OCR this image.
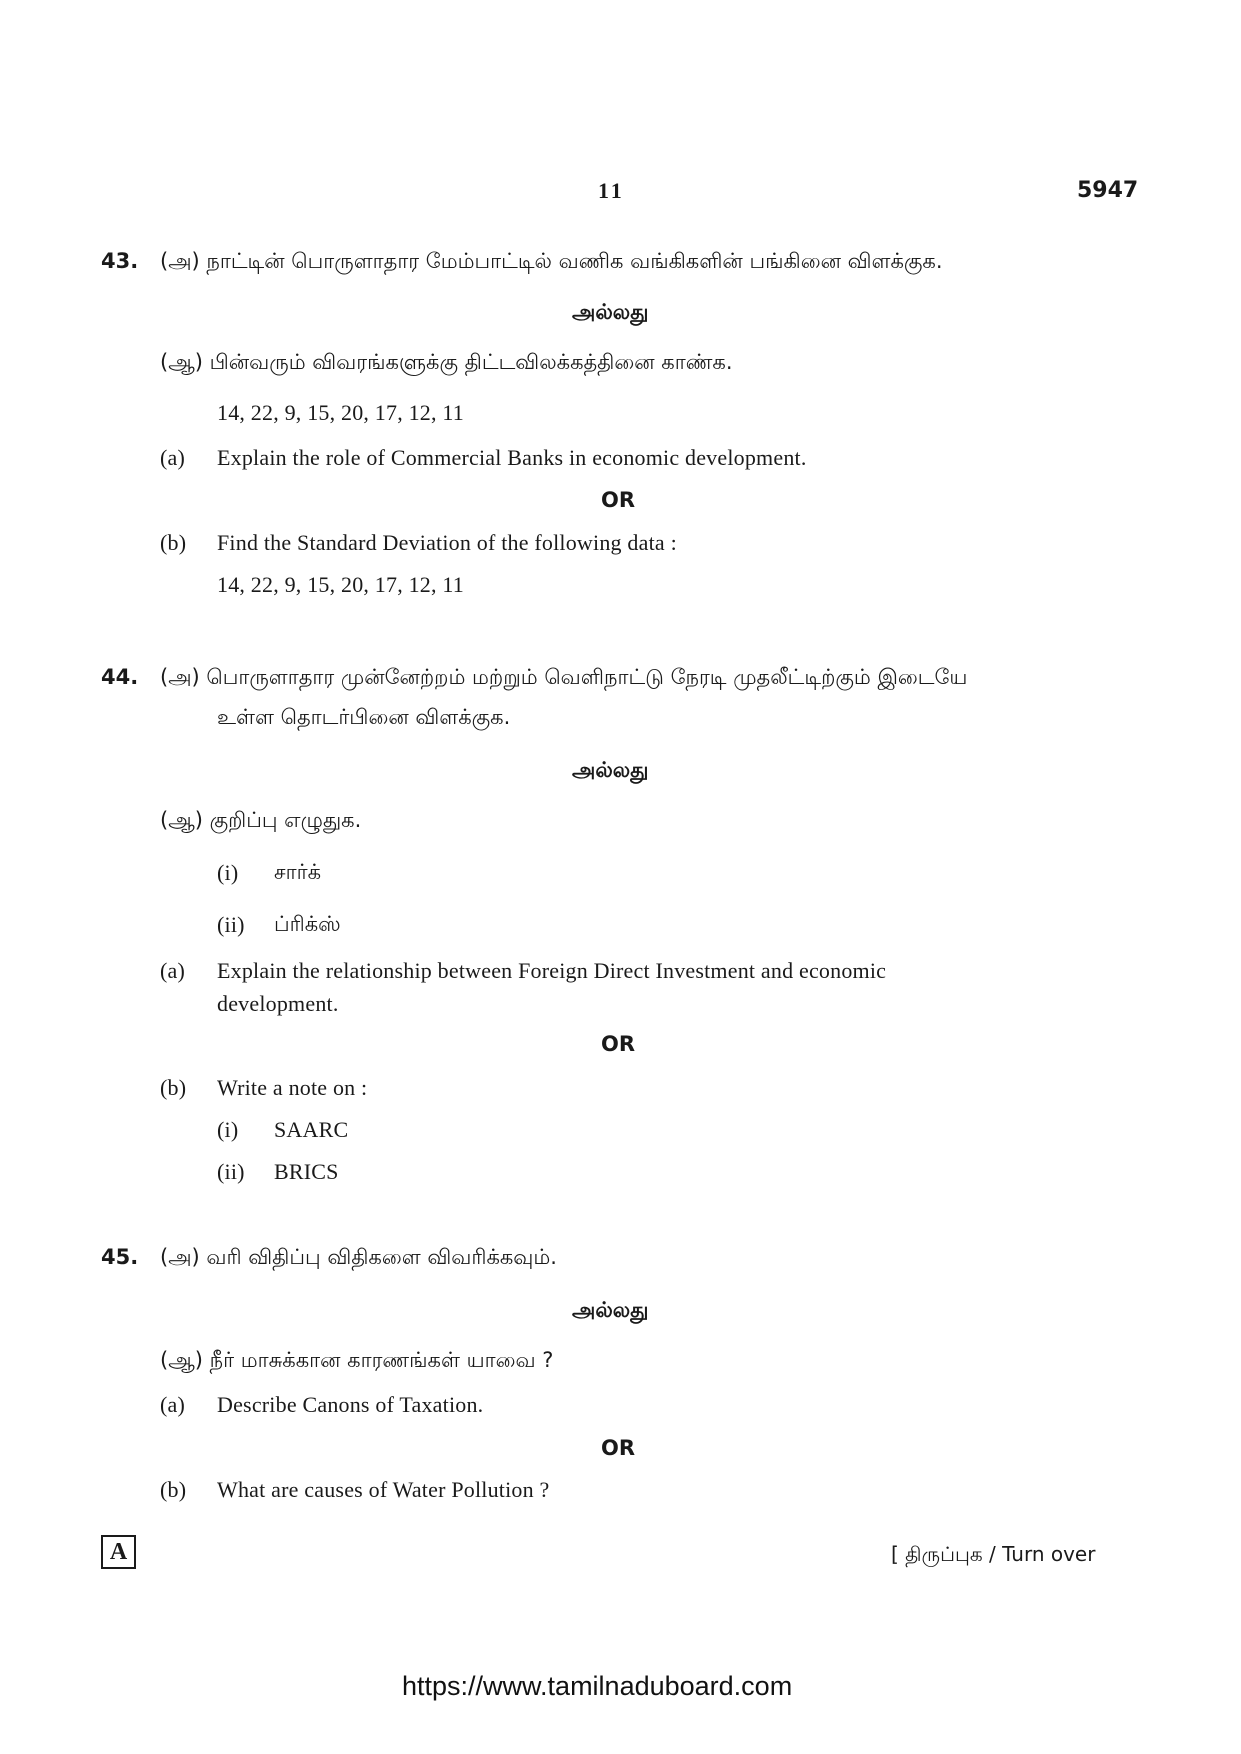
11	5947
43. (அ) நாட்டின் பொருளாதார மேம்பாட்டில் வணிக வங்கிகளின் பங்கினை விளக்குக.
அல்லது
(ஆ) பின்வரும் விவரங்களுக்கு திட்டவிலக்கத்தினை காண்க.
14, 22, 9, 15, 20, 17, 12, 11
(a) Explain the role of Commercial Banks in economic development.
OR
(b) Find the Standard Deviation of the following data :
14, 22, 9, 15, 20, 17, 12, 11
44. (அ) பொருளாதார முன்னேற்றம் மற்றும் வெளிநாட்டு நேரடி முதலீட்டிற்கும் இடையே
உள்ள தொடர்பினை விளக்குக.
அல்லது
(ஆ) குறிப்பு எழுதுக.
(i) சார்க்
(ii) ப்ரிக்ஸ்
(a) Explain the relationship between Foreign Direct Investment and economic
development.
OR
(b) Write a note on :
(i) SAARC
(ii) BRICS
45. (அ) வரி விதிப்பு விதிகளை விவரிக்கவும்.
அல்லது
(ஆ) நீர் மாசுக்கான காரணங்கள் யாவை ?
(a) Describe Canons of Taxation.
OR
(b) What are causes of Water Pollution ?
A	[ திருப்புக / Turn over
https://www.tamilnaduboard.com
